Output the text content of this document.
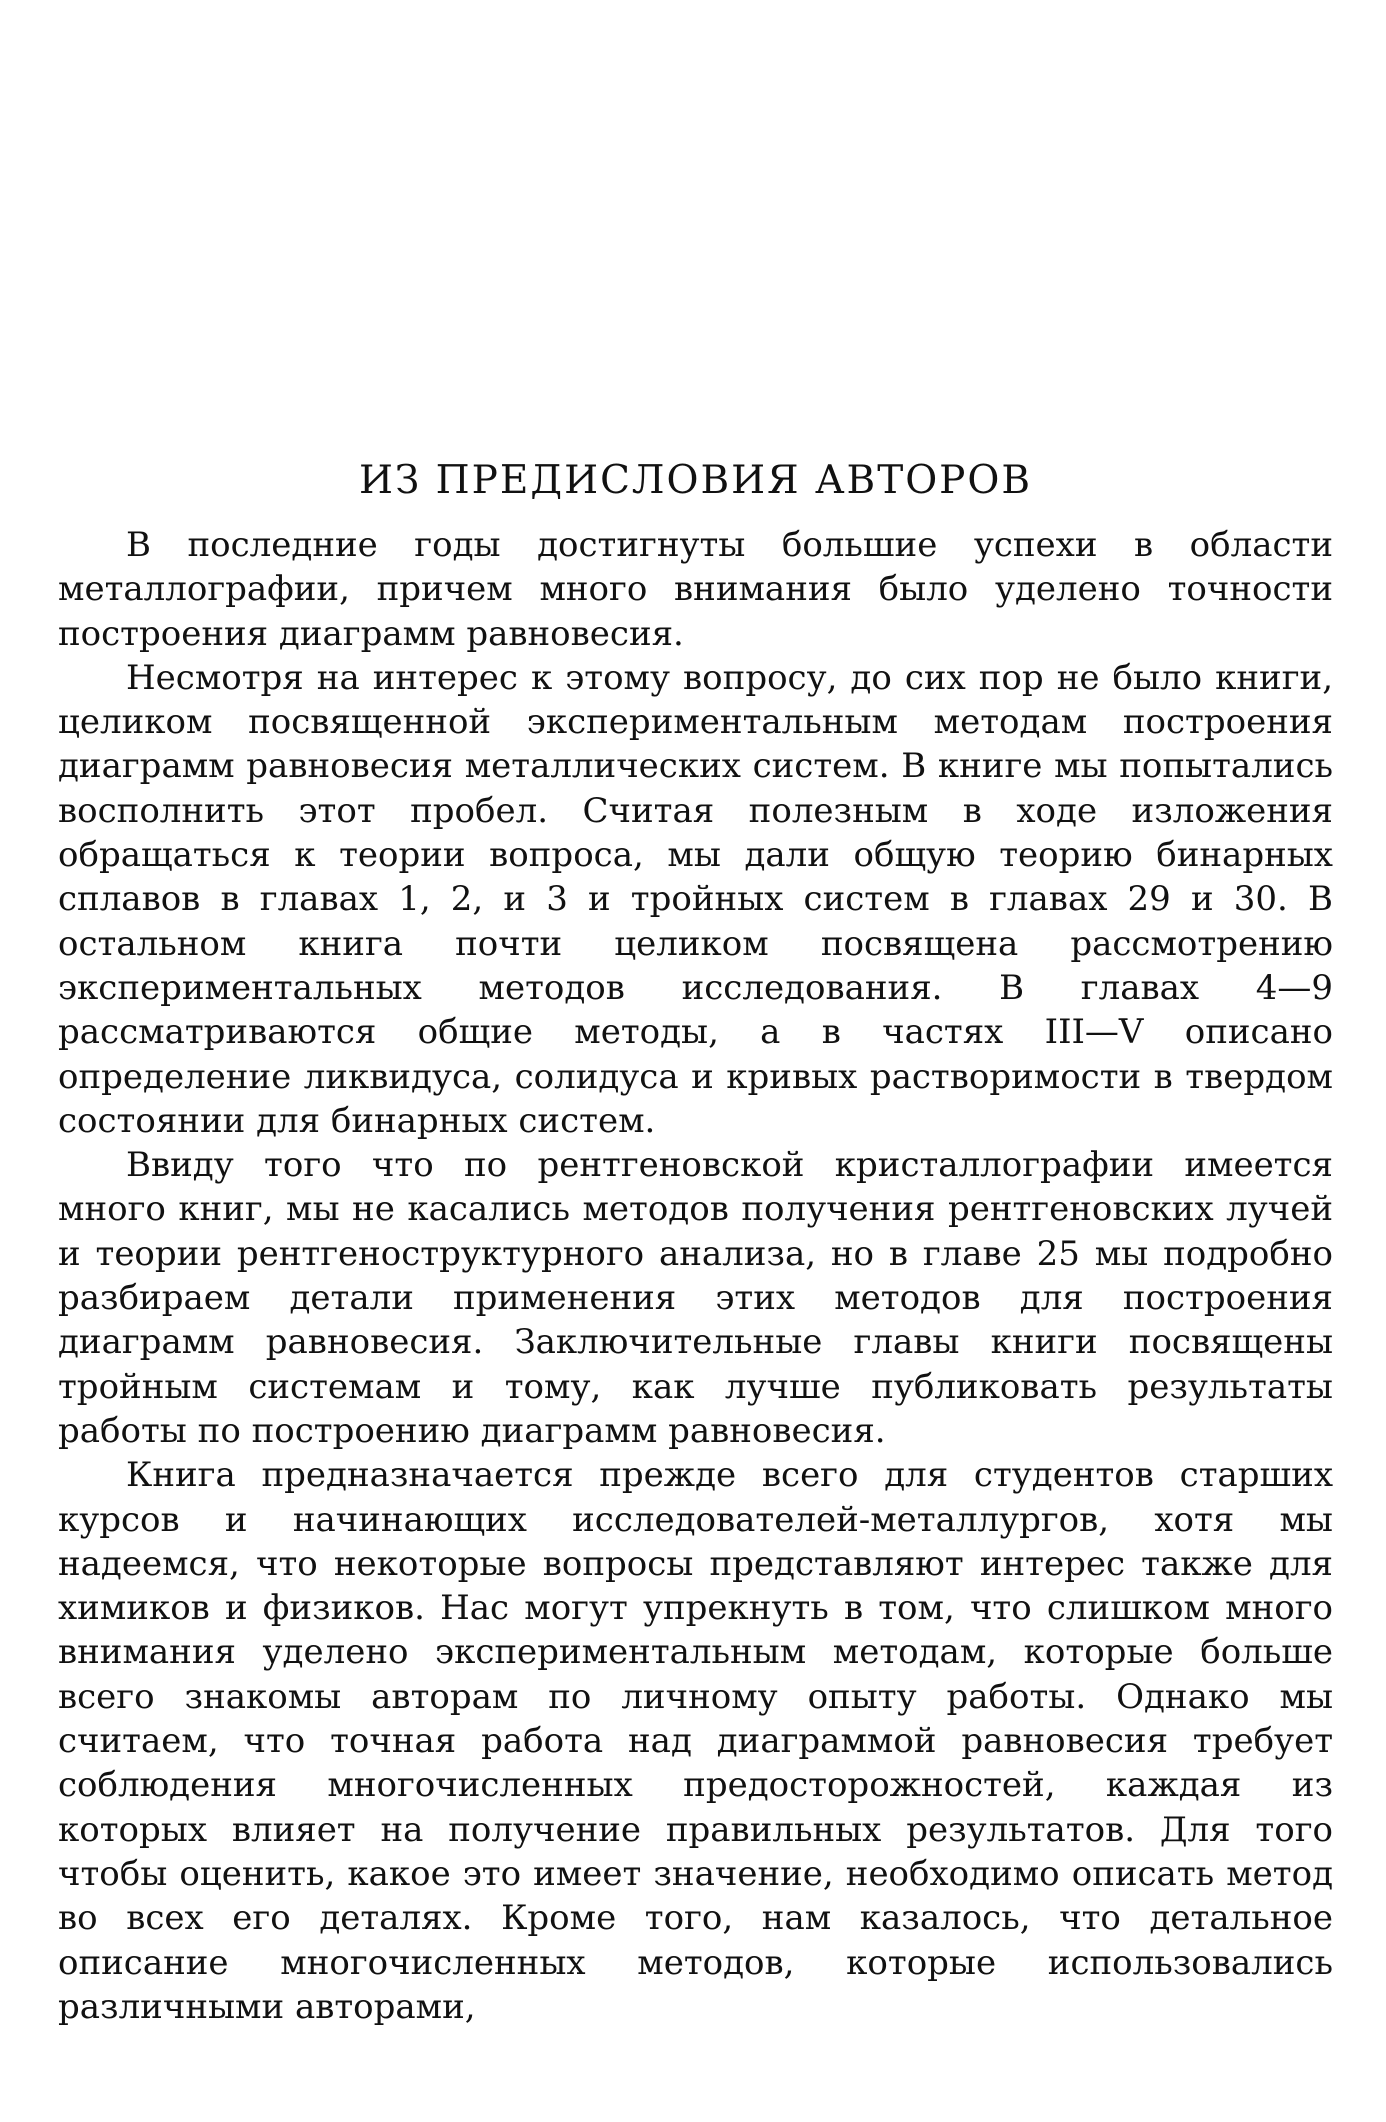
ИЗ ПРЕДИСЛОВИЯ АВТОРОВ

В последние годы достигнуты большие успехи в области металлографии, причем много внимания было уделено точности построения диаграмм равновесия.

Несмотря на интерес к этому вопросу, до сих пор не было книги, целиком посвященной экспериментальным методам построения диаграмм равновесия металлических систем. В книге мы попытались восполнить этот пробел. Считая полезным в ходе изложения обращаться к теории вопроса, мы дали общую теорию бинарных сплавов в главах 1, 2, и 3 и тройных систем в главах 29 и 30. В остальном книга почти целиком посвящена рассмотрению экспериментальных методов исследования. В главах 4—9 рассматриваются общие методы, а в частях III—V описано определение ликвидуса, солидуса и кривых растворимости в твердом состоянии для бинарных систем.

Ввиду того что по рентгеновской кристаллографии имеется много книг, мы не касались методов получения рентгеновских лучей и теории рентгеноструктурного анализа, но в главе 25 мы подробно разбираем детали применения этих методов для построения диаграмм равновесия. Заключительные главы книги посвящены тройным системам и тому, как лучше публиковать результаты работы по построению диаграмм равновесия.

Книга предназначается прежде всего для студентов старших курсов и начинающих исследователей-металлургов, хотя мы надеемся, что некоторые вопросы представляют интерес также для химиков и физиков. Нас могут упрекнуть в том, что слишком много внимания уделено экспериментальным методам, которые больше всего знакомы авторам по личному опыту работы. Однако мы считаем, что точная работа над диаграммой равновесия требует соблюдения многочисленных предосторожностей, каждая из которых влияет на получение правильных результатов. Для того чтобы оценить, какое это имеет значение, необходимо описать метод во всех его деталях. Кроме того, нам казалось, что детальное описание многочисленных методов, которые использовались различными авторами,
